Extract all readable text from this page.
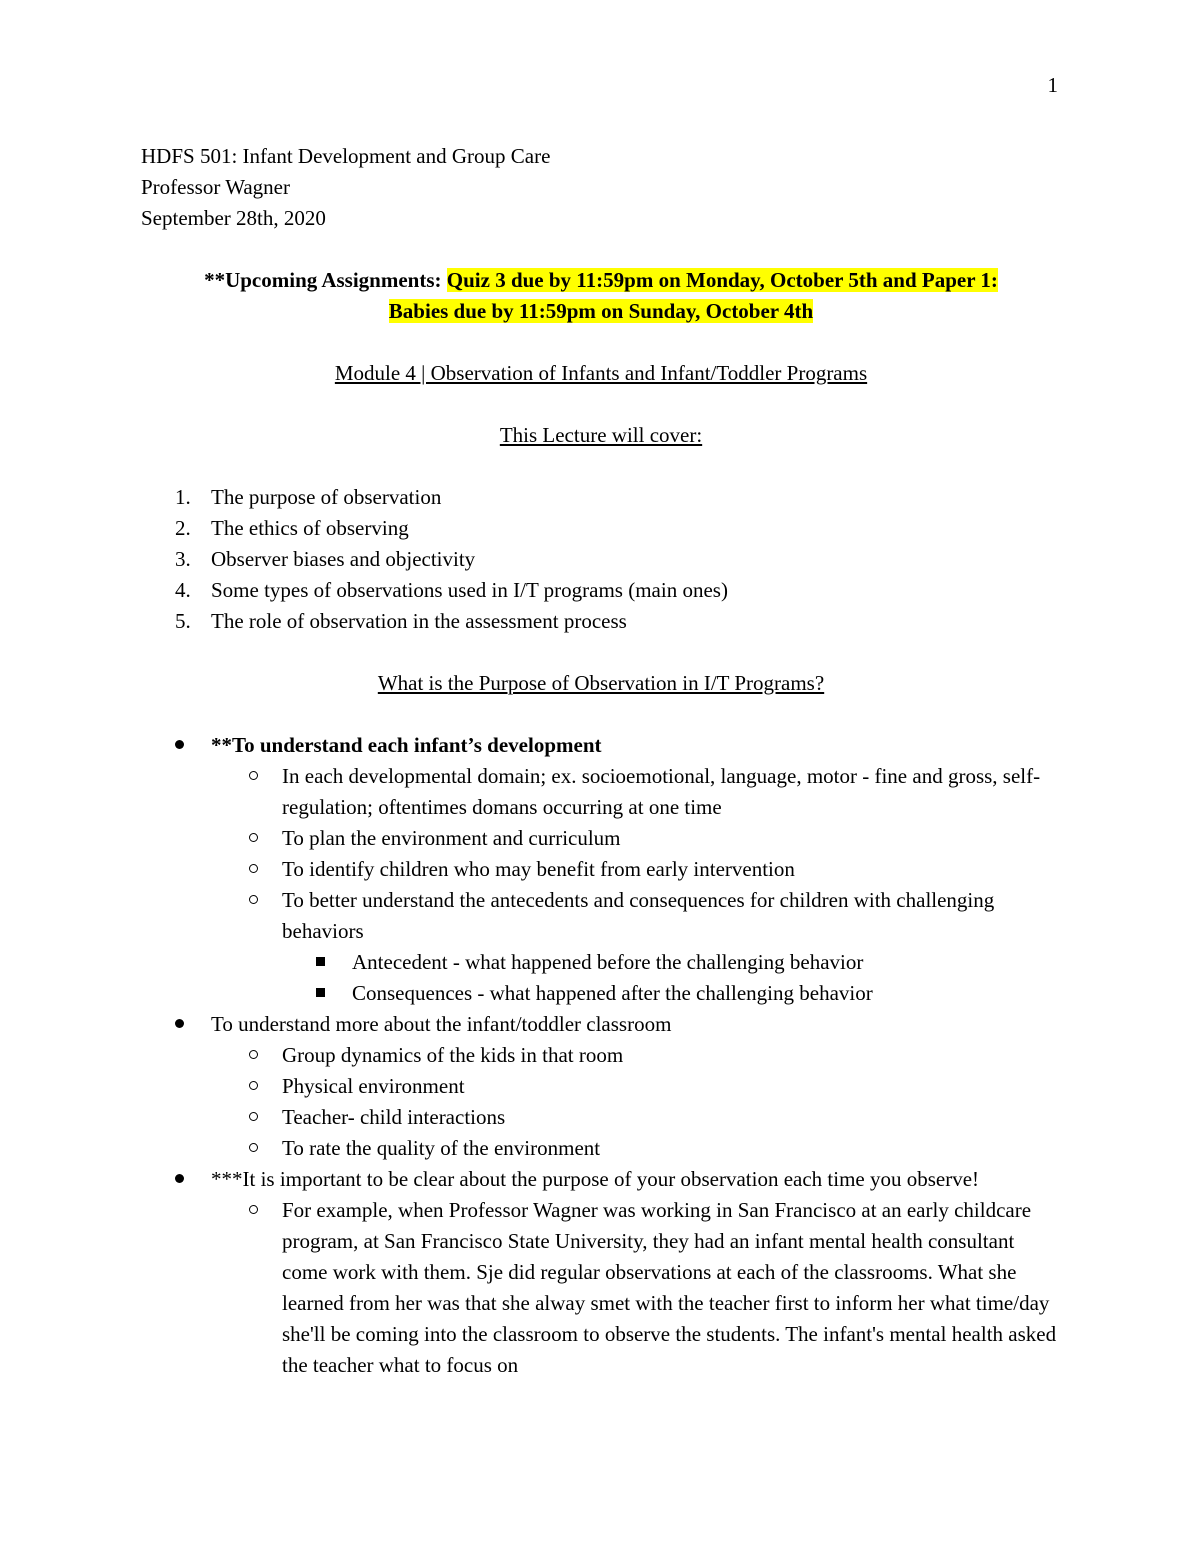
1
HDFS 501: Infant Development and Group Care
Professor Wagner
September 28th, 2020
**Upcoming Assignments: Quiz 3 due by 11:59pm on Monday, October 5th and Paper 1:
Babies due by 11:59pm on Sunday, October 4th
Module 4 | Observation of Infants and Infant/Toddler Programs
This Lecture will cover:
1. The purpose of observation
2. The ethics of observing
3. Observer biases and objectivity
4. Some types of observations used in I/T programs (main ones)
5. The role of observation in the assessment process
What is the Purpose of Observation in I/T Programs?
**To understand each infant’s development
In each developmental domain; ex. socioemotional, language, motor - fine and gross, self-regulation; oftentimes domans occurring at one time
To plan the environment and curriculum
To identify children who may benefit from early intervention
To better understand the antecedents and consequences for children with challenging behaviors
Antecedent - what happened before the challenging behavior
Consequences - what happened after the challenging behavior
To understand more about the infant/toddler classroom
Group dynamics of the kids in that room
Physical environment
Teacher- child interactions
To rate the quality of the environment
***It is important to be clear about the purpose of your observation each time you observe!
For example, when Professor Wagner was working in San Francisco at an early childcare program, at San Francisco State University, they had an infant mental health consultant come work with them. Sje did regular observations at each of the classrooms. What she learned from her was that she alway smet with the teacher first to inform her what time/day she'll be coming into the classroom to observe the students. The infant's mental health asked the teacher what to focus on
